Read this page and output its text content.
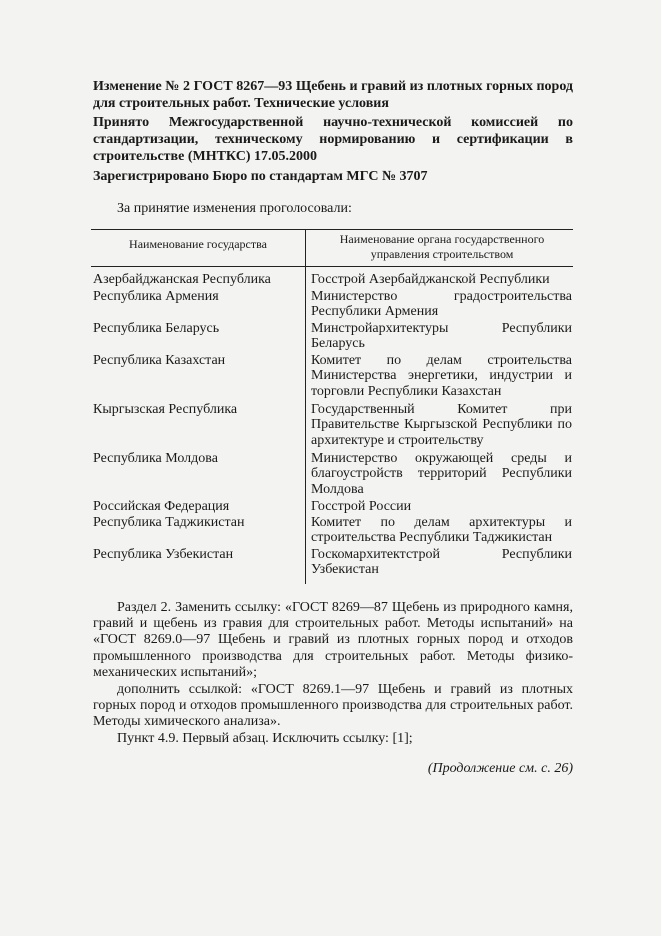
Изменение № 2 ГОСТ 8267—93 Щебень и гравий из плотных горных пород для строительных работ. Технические условия

Принято Межгосударственной научно-технической комиссией по стандартизации, техническому нормированию и сертификации в строительстве (МНТКС) 17.05.2000

Зарегистрировано Бюро по стандартам МГС № 3707

За принятие изменения проголосовали:

Наименование государства	Наименование органа государственного управления строительством

Азербайджанская Республика	Госстрой Азербайджанской Республики

Республика Армения	Министерство градостроительства Республики Армения

Республика Беларусь	Минстройархитектуры Республики Беларусь

Республика Казахстан	Комитет по делам строительства Министерства энергетики, индустрии и торговли Республики Казахстан

Кыргызская Республика	Государственный Комитет при Правительстве Кыргызской Республики по архитектуре и строительству

Республика Молдова	Министерство окружающей среды и благоустройств территорий Республики Молдова

Российская Федерация	Госстрой России

Республика Таджикистан	Комитет по делам архитектуры и строительства Республики Таджикистан

Республика Узбекистан	Госкомархитектстрой Республики Узбекистан

Раздел 2. Заменить ссылку: «ГОСТ 8269—87 Щебень из природного камня, гравий и щебень из гравия для строительных работ. Методы испытаний» на «ГОСТ 8269.0—97 Щебень и гравий из плотных горных пород и отходов промышленного производства для строительных работ. Методы физико-механических испытаний»;

дополнить ссылкой: «ГОСТ 8269.1—97 Щебень и гравий из плотных горных пород и отходов промышленного производства для строительных работ. Методы химического анализа».

Пункт 4.9. Первый абзац. Исключить ссылку: [1];

(Продолжение см. с. 26)
